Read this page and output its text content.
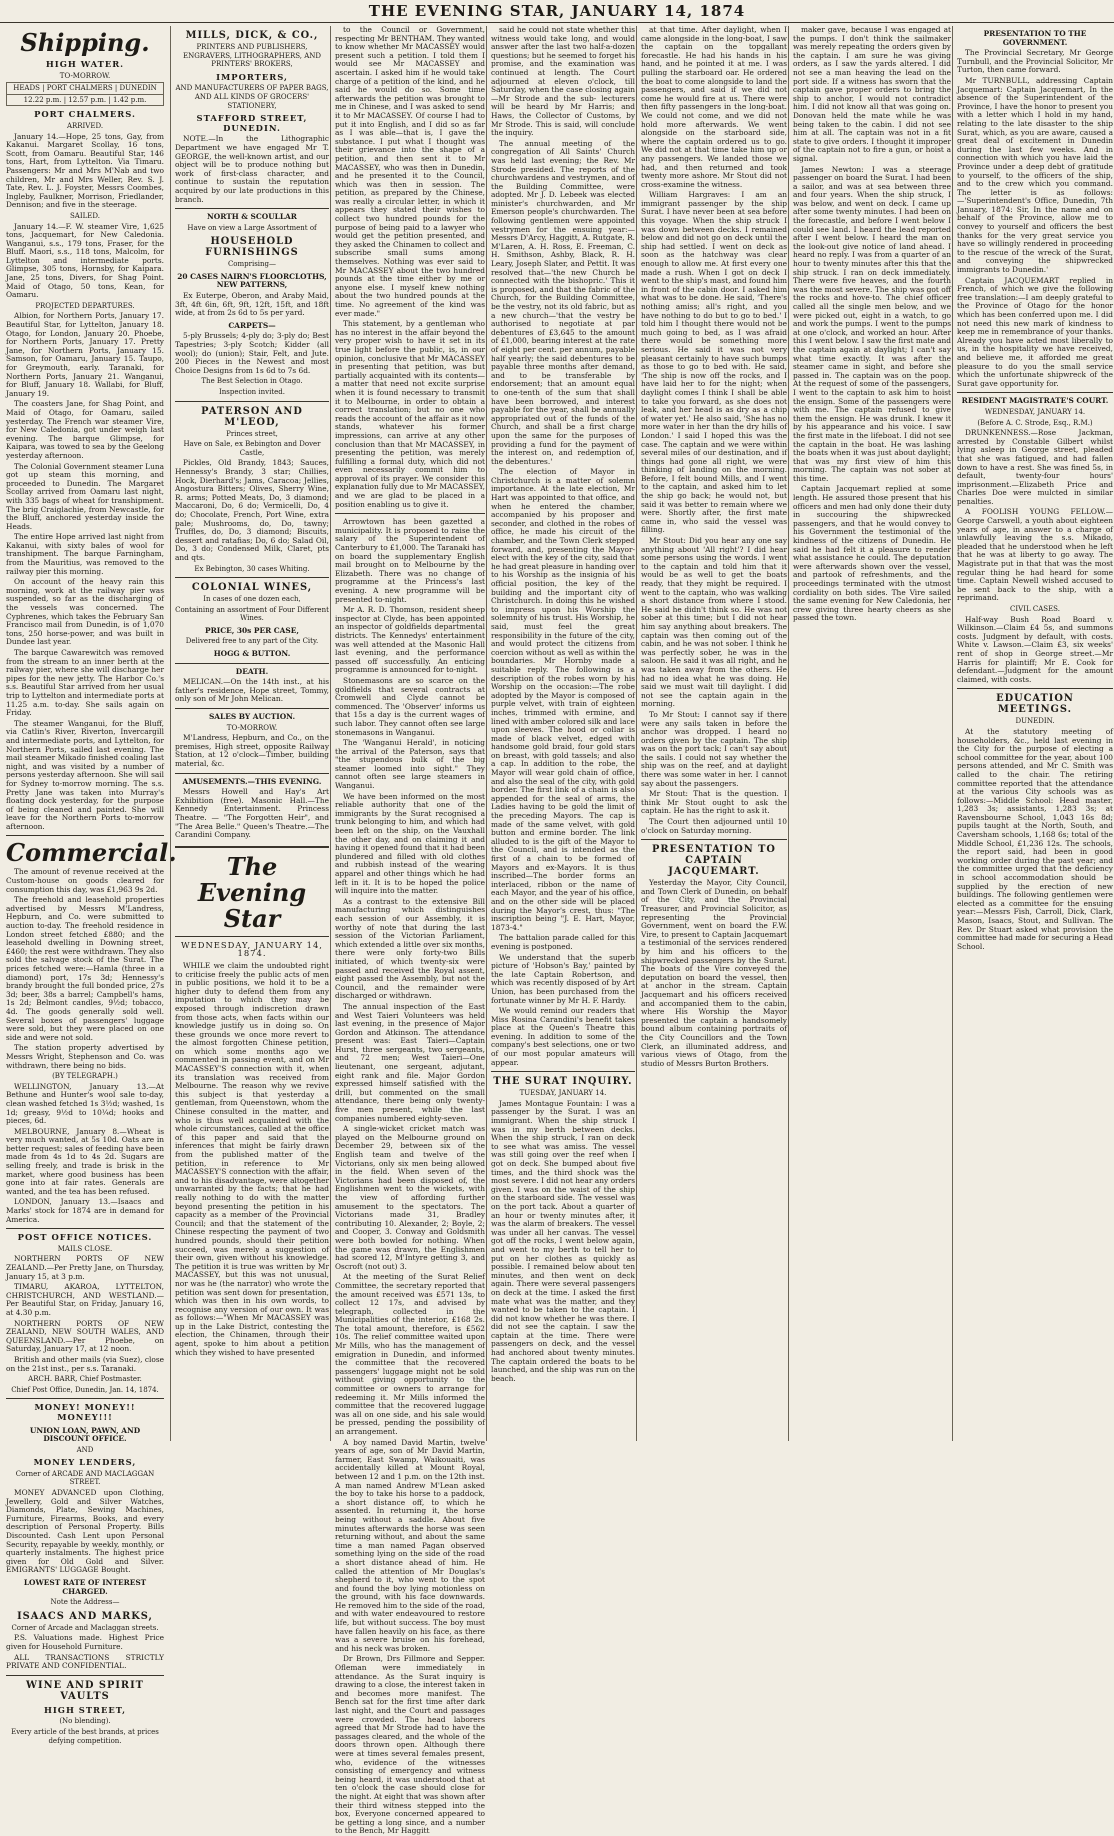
THE EVENING STAR, JANUARY 14, 1874
Shipping.
HIGH WATER.
TO-MORROW.
HEADS | PORT CHALMERS | DUNEDIN
12.22 p.m. | 12.57 p.m. | 1.42 p.m.
PORT CHALMERS.
ARRIVED.

January 14.—Hope, 25 tons, Gay, from Kakanui. Margaret Scollay, 16 tons, Scott, from Oamaru. Beautiful Star, 146 tons, Hart, from Lyttelton. Via Timaru. Passengers: Mr and Mrs M'Nab and two children, Mr and Mrs Weller, Rev. S. J. Tate, Rev. L. J. Foyster, Messrs Coombes, Ingleby, Faulkner, Morrison, Friedlander, Dennison; and five in the steerage.

SAILED.

January 14.—F. W. steamer Vire, 1,625 tons, Jacquemart, for New Caledonia. Wanganui, s.s., 179 tons, Fraser, for the Bluff. Maori, s.s., 118 tons, Malcolm, for Lyttelton and intermediate ports. Glimpse, 305 tons, Hornsby, for Kaipara. Jane, 25 tons, Divers, for Shag Point. Maid of Otago, 50 tons, Kean, for Oamaru.

PROJECTED DEPARTURES.

Albion, for Northern Ports, January 17. Beautiful Star, for Lyttelton, January 18. Otago, for London, January 20. Phoebe, for Northern Ports, January 17. Pretty Jane, for Northern Ports, January 15. Samson, for Oamaru, January 15. Taupo, for Greymouth, early. Taranaki, for Northern Ports, January 21. Wanganui, for Bluff, January 18. Wallabi, for Bluff, January 19.

The coasters Jane, for Shag Point, and Maid of Otago, for Oamaru, sailed yesterday. The French war steamer Vire, for New Caledonia, got under weigh last evening. The barque Glimpse, for Kaipara, was towed to sea by the Geelong yesterday afternoon.

The Colonial Government steamer Luna got up steam this morning, and proceeded to Dunedin. The Margaret Scollay arrived from Oamaru last night, with 335 bags of wheat for transhipment. The brig Craiglachie, from Newcastle, for the Bluff, anchored yesterday inside the Heads.

The entire Hope arrived last night from Kakanui, with sixty bales of wool for transhipment. The barque Farningham, from the Mauritius, was removed to the railway pier this morning.

On account of the heavy rain this morning, work at the railway pier was suspended, so far as the discharging of the vessels was concerned. The Cyphrenes, which takes the February San Francisco mail from Dunedin, is of 1,070 tons, 250 horse-power, and was built in Dundee last year.

The barque Cawarewitch was removed from the stream to an inner berth at the railway pier, where she will discharge her pipes for the new jetty. The Harbor Co.'s s.s. Beautiful Star arrived from her usual trip to Lyttelton and intermediate ports at 11.25 a.m. to-day. She sails again on Friday.

The steamer Wanganui, for the Bluff, via Catlin's River, Riverton, Invercargill and intermediate ports, and Lyttelton, for Northern Ports, sailed last evening. The mail steamer Mikado finished coaling last night, and was visited by a number of persons yesterday afternoon. She will sail for Sydney to-morrow morning. The s.s. Pretty Jane was taken into Murray's floating dock yesterday, for the purpose of being cleaned and painted. She will leave for the Northern Ports to-morrow afternoon.

Commercial.

The amount of revenue received at the Custom-house on goods cleared for consumption this day, was £1,963 9s 2d.

The freehold and leasehold properties advertised by Messrs M'Landress, Hepburn, and Co. were submitted to auction to-day. The freehold residence in London street fetched £880; and the leasehold dwelling in Downing street, £460; the rest were withdrawn. They also sold the salvage stock of the Surat. The prices fetched were:—Hamla (three in a diamond) port, 17s 3d; Hennessy's brandy brought the full bonded price, 27s 3d; beer, 38s a barrel; Campbell's hams, 1s 2d; Belmont candles, 9½d; tobacco, 4d. The goods generally sold well. Several boxes of passengers' luggage were sold, but they were placed on one side and were not sold.

The station property advertised by Messrs Wright, Stephenson and Co. was withdrawn, there being no bids.

(BY TELEGRAPH.)

WELLINGTON, January 13.—At Bethune and Hunter's wool sale to-day, clean washed fetched 1s 3½d; washed, 1s 1d; greasy, 9½d to 10¼d; hooks and pieces, 6d.

MELBOURNE, January 8.—Wheat is very much wanted, at 5s 10d. Oats are in better request; sales of feeding have been made from 4s 1d to 4s 2d. Sugars are selling freely, and trade is brisk in the market, where good business has been gone into at fair rates. Generals are wanted, and the tea has been refused.

LONDON, January 13.—Isaacs and Marks' stock for 1874 are in demand for America.

POST OFFICE NOTICES.
MAILS CLOSE.

NORTHERN PORTS OF NEW ZEALAND.—Per Pretty Jane, on Thursday, January 15, at 3 p.m.

TIMARU, AKAROA, LYTTELTON, CHRISTCHURCH, AND WESTLAND.—Per Beautiful Star, on Friday, January 16, at 4.30 p.m.

NORTHERN PORTS OF NEW ZEALAND, NEW SOUTH WALES, AND QUEENSLAND.—Per Phoebe, on Saturday, January 17, at 12 noon.

British and other mails (via Suez), close on the 21st inst., per s.s. Taranaki.

ARCH. BARR, Chief Postmaster.
Chief Post Office, Dunedin, Jan. 14, 1874.
MONEY! MONEY!! MONEY!!!
UNION LOAN, PAWN, AND DISCOUNT OFFICE.
AND
MONEY LENDERS,
Corner of ARCADE AND MACLAGGAN STREET.

MONEY ADVANCED upon Clothing, Jewellery, Gold and Silver Watches, Diamonds, Plate, Sewing Machines, Furniture, Firearms, Books, and every description of Personal Property. Bills Discounted. Cash Lent upon Personal Security, repayable by weekly, monthly, or quarterly instalments. The highest price given for Old Gold and Silver. EMIGRANTS' LUGGAGE Bought.

LOWEST RATE OF INTEREST CHARGED.
Note the Address—
ISAACS AND MARKS,
Corner of Arcade and Maclaggan streets.

P.S. Valuations made. Highest Price given for Household Furniture.

ALL TRANSACTIONS STRICTLY PRIVATE AND CONFIDENTIAL.

WINE AND SPIRIT VAULTS
HIGH STREET,
(No blending).
Every article of the best brands, at prices defying competition.
MILLS, DICK, & CO.,
PRINTERS AND PUBLISHERS, ENGRAVERS, LITHOGRAPHERS, AND PRINTERS' BROKERS,
IMPORTERS,
AND MANUFACTURERS OF PAPER BAGS, AND ALL KINDS OF GROCERS' STATIONERY,
STAFFORD STREET, DUNEDIN.

NOTE.—In the Lithographic Department we have engaged Mr T. GEORGE, the well-known artist, and our object will be to produce nothing but work of first-class character, and continue to sustain the reputation acquired by our late productions in this branch.

NORTH & SCOULLAR
Have on view a Large Assortment of
HOUSEHOLD FURNISHINGS
Comprising—
20 CASES NAIRN'S FLOORCLOTHS, NEW PATTERNS,

Ex Euterpe, Oberon, and Araby Maid, 3ft, 4ft 6in, 6ft, 9ft, 12ft, 15ft, and 18ft wide, at from 2s 6d to 5s per yard.

CARPETS—

5-ply Brussels; 4-ply do; 3-ply do; Best Tapestries; 3-ply Scotch; Kidder (all wool); do (union); Stair, Felt, and Jute. 200 Pieces in the Newest and most Choice Designs from 1s 6d to 7s 6d.

The Best Selection in Otago.
Inspection invited.
PATERSON AND M'LEOD,
Princes street,
Have on Sale, ex Bebington and Dover Castle,

Pickles, Old Brandy, 1843; Sauces, Hennessy's Brandy, 3 star; Chillies, Hock, Dierhard's; Jams, Caracoa; Jellies, Angostura Bitters; Olives, Sherry Wine, R. arms; Potted Meats, Do, 3 diamond; Maccaroni, Do, 6 do; Vermicelli, Do, 4 do; Chocolate, French, Port Wine, extra pale; Mushrooms, do, Do, tawny; Truffles, do, Do, 3 diamond; Biscuits, dessert and ratafias; Do, 6 do; Salad Oil, Do, 3 do; Condensed Milk, Claret, pts and qts.

Ex Bebington, 30 cases Whiting.
COLONIAL WINES,
In cases of one dozen each,
Containing an assortment of Four Different Wines.
PRICE, 30s PER CASE,
Delivered free to any part of the City.
HOGG & BUTTON.
DEATH.

MELICAN.—On the 14th inst., at his father's residence, Hope street, Tommy, only son of Mr John Melican.

SALES BY AUCTION.
TO-MORROW.

M'Landress, Hepburn, and Co., on the premises, High street, opposite Railway Station, at 12 o'clock—Timber, building material, &c.

AMUSEMENTS.—THIS EVENING.

Messrs Howell and Hay's Art Exhibition (free). Masonic Hall.—The Kennedy Entertainment. Princess Theatre. — "The Forgotten Heir", and "The Area Belle." Queen's Theatre.—The Carandini Company.

The Evening Star
WEDNESDAY, JANUARY 14, 1874.

WHILE we claim the undoubted right to criticise freely the public acts of men in public positions, we hold it to be a higher duty to defend them from any imputation to which they may be exposed through indiscretion drawn from those acts, when facts within our knowledge justify us in doing so. On these grounds we once more revert to the almost forgotten Chinese petition, on which some months ago we commented in passing event, and on Mr MACASSEY'S connection with it, when its translation was received from Melbourne. The reason why we revive this subject is that yesterday a gentleman, from Queenstown, whom the Chinese consulted in the matter, and who is thus well acquainted with the whole circumstances, called at the office of this paper and said that the inferences that might be fairly drawn from the published matter of the petition, in reference to Mr MACASSEY'S connection with the affair, and to his disadvantage, were altogether unwarranted by the facts; that he had really nothing to do with the matter beyond presenting the petition in his capacity as a member of the Provincial Council; and that the statement of the Chinese respecting the payment of two hundred pounds, should their petition succeed, was merely a suggestion of their own, given without his knowledge. The petition it is true was written by Mr MACASSEY, but this was not unusual, nor was he (the narrator) who wrote the petition was sent down for presentation, which was then in his own words, to recognise any version of our own. It was as follows:—"When Mr MACASSEY was up in the Lake District, contesting the election, the Chinamen, through their agent, spoke to him about a petition which they wished to have presented

to the Council or Government, respecting Mr BENTHAM. They wanted to know whether Mr MACASSEY would present such a petition. I told them I would see Mr MACASSEY and ascertain. I asked him if he would take charge of a petition of the kind, and he said he would do so. Some time afterwards the petition was brought to me in Chinese, and I was asked to send it to Mr MACASSEY. Of course I had to put it into English, and I did so as far as I was able—that is, I gave the substance. I put what I thought was their grievance into the shape of a petition, and then sent it to Mr MACASSEY, who was then in Dunedin, and he presented it to the Council, which was then in session. The petition, as prepared by the Chinese, was really a circular letter, in which it appears they stated their wishes to collect two hundred pounds for the purpose of being paid to a lawyer who would get the petition presented, and they asked the Chinamen to collect and subscribe small sums among themselves. Nothing was ever said to Mr MACASSEY about the two hundred pounds at the time either by me or anyone else. I myself knew nothing about the two hundred pounds at the time. No agreement of the kind was ever made."

This statement, by a gentleman who has no interest in the affair beyond the very proper wish to have it set in its true light before the public, is, in our opinion, conclusive that Mr MACASSEY in presenting that petition, was but partially acquainted with its contents—a matter that need not excite surprise when it is found necessary to transmit it to Melbourne, in order to obtain a correct translation; but no one who reads the account of the affair as it now stands, whatever his former impressions, can arrive at any other conclusion than that Mr MACASSEY, in presenting the petition, was merely fulfilling a formal duty, which did not even necessarily commit him to approval of its prayer. We consider this explanation fully due to Mr MACASSEY, and we are glad to be placed in a position enabling us to give it.

Arrowtown has been gazetted a municipality. It is proposed to raise the salary of the Superintendent of Canterbury to £1,000. The Taranaki has on board the supplementary English mail brought on to Melbourne by the Elizabeth. There was no change of programme at the Princess's last evening. A new programme will be presented to-night.

Mr A. R. D. Thomson, resident sheep inspector at Clyde, has been appointed an inspector of goldfields departmental districts. The Kennedys' entertainment was well attended at the Masonic Hall last evening, and the performance passed off successfully. An enticing programme is announced for to-night.

Stonemasons are so scarce on the goldfields that several contracts at Cromwell and Clyde cannot be commenced. The 'Observer' informs us that 15s a day is the current wages of such labor. They cannot often see large stonemasons in Wanganui.

The 'Wanganui Herald', in noticing the arrival of the Paterson, says that "the stupendous bulk of the big steamer loomed into sight." They cannot often see large steamers in Wanganui.

We have been informed on the most reliable authority that one of the immigrants by the Surat recognised a trunk belonging to him, and which had been left on the ship, on the Vauxhall the other day, and on claiming it and having it opened found that it had been plundered and filled with old clothes and rubbish instead of the wearing apparel and other things which he had left in it. It is to be hoped the police will inquire into the matter.

As a contrast to the extensive Bill manufacturing which distinguishes each session of our Assembly, it is worthy of note that during the last session of the Victorian Parliament, which extended a little over six months, there were only forty-two Bills initiated, of which twenty-six were passed and received the Royal assent, eight passed the Assembly, but not the Council, and the remainder were discharged or withdrawn.

The annual inspection of the East and West Taieri Volunteers was held last evening, in the presence of Major Gordon and Atkinson. The attendance present was: East Taieri—Captain Hurst, three sergeants, two sergeants, and 72 men; West Taieri—One lieutenant, one sergeant, adjutant, eight rank and file. Major Gordon expressed himself satisfied with the drill, but commented on the small attendance, there being only twenty-five men present, while the last companies numbered eighty-seven.

A single-wicket cricket match was played on the Melbourne ground on December 29, between six of the English team and twelve of the Victorians, only six men being allowed in the field. When seven of the Victorians had been disposed of, the Englishmen went to the wickets, with the view of affording further amusement to the spectators. The Victorians made 31, Bradley contributing 10. Alexander, 2; Boyle, 2; and Cooper, 3. Conway and Goldsmith were both bowled for nothing. When the game was drawn, the Englishmen had scored 12, M'Intyre getting 3, and Oscroft (not out) 3.

At the meeting of the Surat Relief Committee, the secretary reported that the amount received was £571 13s, to collect 12 17s, and advised by telegraph, collected in the Municipalities of the interior, £168 2s. The total amount, therefore, is £562 10s. The relief committee waited upon Mr Mills, who has the management of emigration in Dunedin, and informed the committee that the recovered passengers' luggage might not be sold without giving opportunity to the committee or owners to arrange for redeeming it. Mr Mills informed the committee that the recovered luggage was all on one side, and his sale would be pressed, pending the possibility of an arrangement.

A boy named David Martin, twelve years of age, son of Mr David Martin, farmer, East Swamp, Waikouaiti, was accidentally killed at Mount Royal, between 12 and 1 p.m. on the 12th inst. A man named Andrew M'Lean asked the boy to take his horse to a paddock, a short distance off, to which he assented. In returning it, the horse being without a saddle. About five minutes afterwards the horse was seen returning without, and about the same time a man named Pagan observed something lying on the side of the road a short distance ahead of him. He called the attention of Mr Douglas's shepherd to it, who went to the spot and found the boy lying motionless on the ground, with his face downwards. He removed him to the side of the road, and with water endeavoured to restore life, but without success. The boy must have fallen heavily on his face, as there was a severe bruise on his forehead, and his neck was broken.

Dr Brown, Drs Fillmore and Sepper. Ofleman were immediately in attendance. As the Surat inquiry is drawing to a close, the interest taken in and becomes more manifest. The Bench sat for the first time after dark last night, and the Court and passages were crowded. The head laborers agreed that Mr Strode had to have the passages cleared, and the whole of the doors thrown open. Although there were at times several females present, who, evidence of the witnesses consisting of emergency and witness being heard, it was understood that at ten o'clock the case should close for the night. At eight that was shown after their third witness stepped into the box, Everyone concerned appeared to be getting a long since, and a number to the Bench, Mr Haggitt

said he could not state whether this witness would take long, and would answer after the last two half-a-dozen questions; but he seemed to forget his promise, and the examination was continued at length. The Court adjourned at eleven o'clock, till Saturday, when the case closing again—Mr Strode and the sub- lecturers will be heard by Mr Harris; and Haws, the Collector of Customs, by Mr Strode. This is said, will conclude the inquiry.

The annual meeting of the congregation of All Saints' Church was held last evening; the Rev. Mr Strode presided. The reports of the churchwardens and vestrymen, and of the Building Committee, were adopted. Mr J. D. Lebeek was elected minister's churchwarden, and Mr Emerson people's churchwarden. The following gentlemen were appointed vestrymen for the ensuing year:—Messrs D'Arcy, Haggitt, A. Rutgate, R. M'Laren, A. H. Ross, E. Freeman, C. H. Smithson, Ashby, Black, R. H. Leary, Joseph Slater, and Pettit. It was resolved that—'the new Church be connected with the bishopric.' This it is proposed, and that the fabric of the Church, for the Building Committee, be the vestry, not its old fabric, but as a new church—'that the vestry be authorised to negotiate at par debentures of £3,645 to the amount of £1,000, bearing interest at the rate of eight per cent. per annum, payable half yearly; the said debentures to be payable three months after demand, and to be transferable by endorsement; that an amount equal to one-tenth of the sum that shall have been borrowed, and interest payable for the year, shall be annually appropriated out of the funds of the Church, and shall be a first charge upon the same for the purposes of providing a fund for the payment of the interest on, and redemption of, the debentures.'

The election of Mayor in Christchurch is a matter of solemn importance. At the late election, Mr Hart was appointed to that office, and when he entered the chamber, accompanied by his proposer and seconder, and clothed in the robes of office, he made his circuit of the chamber, and the Town Clerk stepped forward, and, presenting the Mayor-elect with the key of the city, said that he had great pleasure in handing over to his Worship as the insignia of his official position, the key of the building and the important city of Christchurch. In doing this he wished to impress upon his Worship the solemnity of his trust. His Worship, he said, must feel the great responsibility in the future of the city, and would protect the citizens from coercion without as well as within the boundaries. Mr Hornby made a suitable reply. The following is a description of the robes worn by his Worship on the occasion:—The robe adopted by the Mayor is composed of purple velvet, with train of eighteen inches, trimmed with ermine, and lined with amber colored silk and lace upon sleeves. The hood or collar is made of black velvet, edged with handsome gold braid, four gold stars on breast, with gold tassels; and also a cap. In addition to the robe, the Mayor will wear gold chain of office, and also the seal of the city, with gold border. The first link of a chain is also appended for the seal of arms, the Ladies having to be gold the limit of the preceding Mayors. The cap is made of the same velvet, with gold button and ermine border. The link alluded to is the gift of the Mayor to the Council, and is intended as the first of a chain to be formed of Mayors and ex-Mayors. It is thus inscribed—The border forms an interlaced, ribbon or the name of each Mayor, and the year of his office, and on the other side will be placed during the Mayor's crest, thus: "The inscription being "J. E. Hart, Mayor, 1873-4."

The battalion parade called for this evening is postponed.

We understand that the superb picture of 'Hobson's Bay,' painted by the late Captain Robertson, and which was recently disposed of by Art Union, has been purchased from the fortunate winner by Mr H. F. Hardy.

We would remind our readers that Miss Rosina Carandini's benefit takes place at the Queen's Theatre this evening. In addition to some of the company's best selections, one or two of our most popular amateurs will appear.

THE SURAT INQUIRY.
TUESDAY, JANUARY 14.

James Montague Fountain: I was a passenger by the Surat. I was an immigrant. When the ship struck I was in my berth between decks. When the ship struck, I ran on deck to see what was amiss. The vessel was still going over the reef when I got on deck. She bumped about five times, and the third shock was the most severe. I did not hear any orders given. I was on the waist of the ship on the starboard side. The vessel was on the port tack. About a quarter of an hour or twenty minutes after, it was the alarm of breakers. The vessel was under all her canvas. The vessel got off the rocks, I went below again, and went to my berth to tell her to put on her clothes as quickly as possible. I remained below about ten minutes, and then went on deck again. There were several passengers on deck at the time. I asked the first mate what was the matter, and they wanted to be taken to the captain. I did not know whether he was there. I did not see the captain. I saw the captain at the time. There were passengers on deck, and the vessel had anchored about twenty minutes. The captain ordered the boats to be launched, and the ship was run on the beach.

at that time. After daylight, when I came alongside in the long-boat, I saw the captain on the topgallant forecastle. He had his hands in his hand, and he pointed it at me. I was pulling the starboard oar. He ordered the boat to come alongside to land the passengers, and said if we did not come he would fire at us. There were then fifty passengers in the long-boat. We could not come, and we did not hold more afterwards. We went alongside on the starboard side, where the captain ordered us to go. We did not at that time take him up or any passengers. We landed those we had, and then returned and took twenty more ashore. Mr Stout did not cross-examine the witness.

William Hargraves: I am an immigrant passenger by the ship Surat. I have never been at sea before this voyage. When the ship struck I was down between decks. I remained below and did not go on deck until the ship had settled. I went on deck as soon as the hatchway was clear enough to allow me. At first every one made a rush. When I got on deck I went to the ship's mast, and found him in front of the cabin door. I asked him what was to be done. He said, 'There's nothing amiss; all's right, and you have nothing to do but to go to bed.' I told him I thought there would not be much going to bed, as I was afraid there would be something more serious. He said it was not very pleasant certainly to have such bumps as those to go to bed with. He said, 'The ship is now off the rocks, and I have laid her to for the night; when daylight comes I think I shall be able to take you forward, as she does not leak, and her head is as dry as a chip of water yet.' He also said, 'She has no more water in her than the dry hills of London.' I said I hoped this was the case. The captain and we were within several miles of our destination, and if things had gone all right, we were thinking of landing on the morning. Before, I felt bound Mills, and I went to the captain, and asked him to let the ship go back; he would not, but said it was better to remain where we were. Shortly after, the first mate came in, who said the vessel was filling.

Mr Stout: Did you hear any one say anything about 'All right'? I did hear some persons using the words. I went to the captain and told him that it would be as well to get the boats ready, that they might be required. I went to the captain, who was walking a short distance from where I stood. He said he didn't think so. He was not sober at this time; but I did not hear him say anything about breakers. The captain was then coming out of the cabin, and he was not sober. I think he was perfectly sober, he was in the saloon. He said it was all right, and he was taken away from the others. He had no idea what he was doing. He said we must wait till daylight. I did not see the captain again in the morning.

To Mr Stout: I cannot say if there were any sails taken in before the anchor was dropped. I heard no orders given by the captain. The ship was on the port tack; I can't say about the sails. I could not say whether the ship was on the reef, and at daylight there was some water in her. I cannot say about the passengers.

Mr Stout: That is the question. I think Mr Stout ought to ask the captain. He has the right to ask it.

The Court then adjourned until 10 o'clock on Saturday morning.

PRESENTATION TO CAPTAIN JACQUEMART.

Yesterday the Mayor, City Council, and Town Clerk of Dunedin, on behalf of the City, and the Provincial Treasurer, and Provincial Solicitor, as representing the Provincial Government, went on board the F.W. Vire, to present to Captain Jacquemart a testimonial of the services rendered by him and his officers to the shipwrecked passengers by the Surat. The boats of the Vire conveyed the deputation on board the vessel, then at anchor in the stream. Captain Jacquemart and his officers received and accompanied them to the cabin, where His Worship the Mayor presented the captain a handsomely bound album containing portraits of the City Councillors and the Town Clerk, an illuminated address, and various views of Otago, from the studio of Messrs Burton Brothers.

maker gave, because I was engaged at the pumps. I don't think the sailmaker was merely repeating the orders given by the captain. I am sure he was giving orders, as I saw the yards altered. I did not see a man heaving the lead on the port side. If a witness has sworn that the captain gave proper orders to bring the ship to anchor, I would not contradict him. I did not know all that was going on. Donovan held the mate while he was being taken to the cabin. I did not see him at all. The captain was not in a fit state to give orders. I thought it improper of the captain not to fire a gun, or hoist a signal.

James Newton: I was a steerage passenger on board the Surat. I had been a sailor, and was at sea between three and four years. When the ship struck, I was below, and went on deck. I came up after some twenty minutes. I had been on the forecastle, and before I went below I could see land. I heard the lead reported after I went below. I heard the man on the look-out give notice of land ahead. I heard no reply. I was from a quarter of an hour to twenty minutes after this that the ship struck. I ran on deck immediately. There were five heaves, and the fourth was the most severe. The ship was got off the rocks and hove-to. The chief officer called all the single men below, and we were picked out, eight in a watch, to go and work the pumps. I went to the pumps at one o'clock, and worked an hour. After this I went below. I saw the first mate and the captain again at daylight; I can't say what time exactly. It was after the steamer came in sight, and before she passed in. The captain was on the poop. At the request of some of the passengers, I went to the captain to ask him to hoist the ensign. Some of the passengers were with me. The captain refused to give them the ensign. He was drunk. I knew it by his appearance and his voice. I saw the first mate in the lifeboat. I did not see the captain in the boat. He was lashing the boats when it was just about daylight; that was my first view of him this morning. The captain was not sober at this time.

Captain Jacquemart replied at some length. He assured those present that his officers and men had only done their duty in succouring the shipwrecked passengers, and that he would convey to his Government the testimonial of the kindness of the citizens of Dunedin. He said he had felt it a pleasure to render what assistance he could. The deputation were afterwards shown over the vessel, and partook of refreshments, and the proceedings terminated with the utmost cordiality on both sides. The Vire sailed the same evening for New Caledonia, her crew giving three hearty cheers as she passed the town.

PRESENTATION TO THE GOVERNMENT.

The Provincial Secretary, Mr George Turnbull, and the Provincial Solicitor, Mr Turton, then came forward.

Mr TURNBULL, addressing Captain Jacquemart: Captain Jacquemart, In the absence of the Superintendent of the Province, I have the honor to present you with a letter which I hold in my hand, relating to the late disaster to the ship Surat, which, as you are aware, caused a great deal of excitement in Dunedin during the last few weeks. And in connection with which you have laid the Province under a deep debt of gratitude to yourself, to the officers of the ship, and to the crew which you command. The letter is as follows:—'Superintendent's Office, Dunedin, 7th January, 1874: Sir, In the name and on behalf of the Province, allow me to convey to yourself and officers the best thanks for the very great service you have so willingly rendered in proceeding to the rescue of the wreck of the Surat, and conveying the shipwrecked immigrants to Dunedin.'

Captain JACQUEMART replied in French, of which we give the following free translation:—I am deeply grateful to the Province of Otago for the honor which has been conferred upon me. I did not need this new mark of kindness to keep me in remembrance of your thanks. Already you have acted most liberally to us, in the hospitality we have received, and believe me, it afforded me great pleasure to do you the small service which the unfortunate shipwreck of the Surat gave opportunity for.

RESIDENT MAGISTRATE'S COURT.
WEDNESDAY, JANUARY 14.
(Before A. C. Strode, Esq., R.M.)

DRUNKENNESS.—Rose Jackman, arrested by Constable Gilbert whilst lying asleep in George street, pleaded that she was fatigued, and had fallen down to have a rest. She was fined 5s, in default, twenty-four hours' imprisonment.—Elizabeth Price and Charles Doe were mulcted in similar penalties.

A FOOLISH YOUNG FELLOW.—George Carswell, a youth about eighteen years of age, in answer to a charge of unlawfully leaving the s.s. Mikado, pleaded that he understood when he left that he was at liberty to go away. The Magistrate put in that that was the most regular thing he had heard for some time. Captain Newell wished accused to be sent back to the ship, with a reprimand.

CIVIL CASES.

Half-way Bush Road Board v. Wilkinson.—Claim £4 5s, and summons costs. Judgment by default, with costs. White v. Lawson.—Claim £3, six weeks' rent of shop in George street.—Mr Harris for plaintiff; Mr E. Cook for defendant.—Judgment for the amount claimed, with costs.

EDUCATION MEETINGS.
DUNEDIN.

At the statutory meeting of householders, &c., held last evening in the City for the purpose of electing a school committee for the year, about 100 persons attended, and Mr C. Smith was called to the chair. The retiring committee reported that the attendance at the various City schools was as follows:—Middle School: Head master, 1,283 3s; assistants, 1,283 3s; at Ravensbourne School, 1,043 16s 8d; pupils taught at the North, South, and Caversham schools, 1,168 6s; total of the Middle School, £1,236 12s. The schools, the report said, had been in good working order during the past year; and the committee urged that the deficiency in school accommodation should be supplied by the erection of new buildings. The following gentlemen were elected as a committee for the ensuing year:—Messrs Fish, Carroll, Dick, Clark, Mason, Isaacs, Stout, and Sullivan. The Rev. Dr Stuart asked what provision the committee had made for securing a Head School.
